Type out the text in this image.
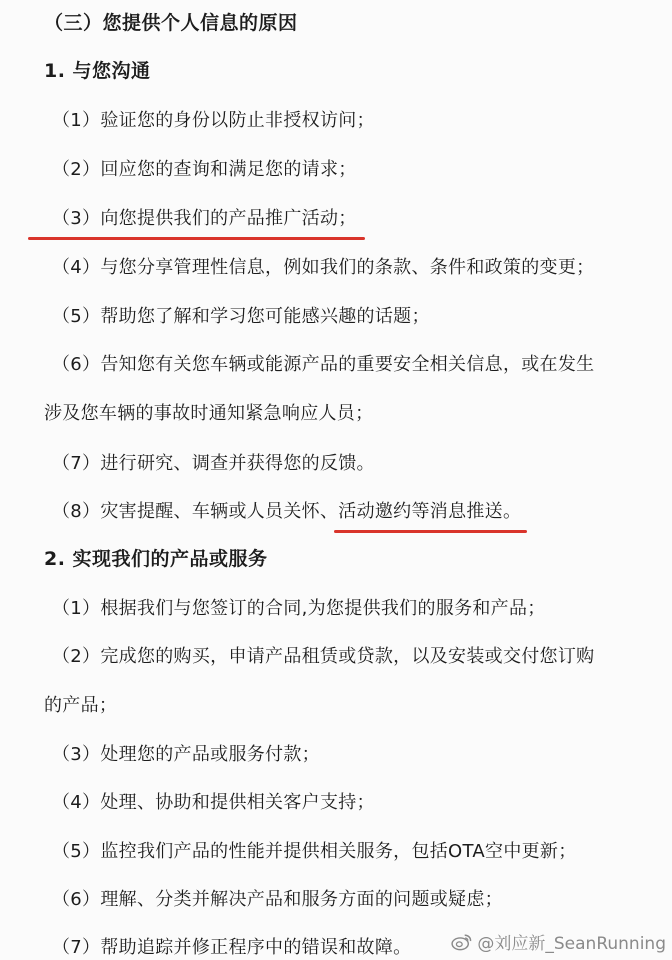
（三）您提供个人信息的原因
1. 与您沟通
（1）验证您的身份以防止非授权访问；
（2）回应您的查询和满足您的请求；
（3）向您提供我们的产品推广活动；
（4）与您分享管理性信息，例如我们的条款、条件和政策的变更；
（5）帮助您了解和学习您可能感兴趣的话题；
（6）告知您有关您车辆或能源产品的重要安全相关信息，或在发生
涉及您车辆的事故时通知紧急响应人员；
（7）进行研究、调查并获得您的反馈。
（8）灾害提醒、车辆或人员关怀、活动邀约等消息推送。
2. 实现我们的产品或服务
（1）根据我们与您签订的合同,为您提供我们的服务和产品；
（2）完成您的购买，申请产品租赁或贷款，以及安装或交付您订购
的产品；
（3）处理您的产品或服务付款；
（4）处理、协助和提供相关客户支持；
（5）监控我们产品的性能并提供相关服务，包括OTA空中更新；
（6）理解、分类并解决产品和服务方面的问题或疑虑；
（7）帮助追踪并修正程序中的错误和故障。	@刘应新_SeanRunning
